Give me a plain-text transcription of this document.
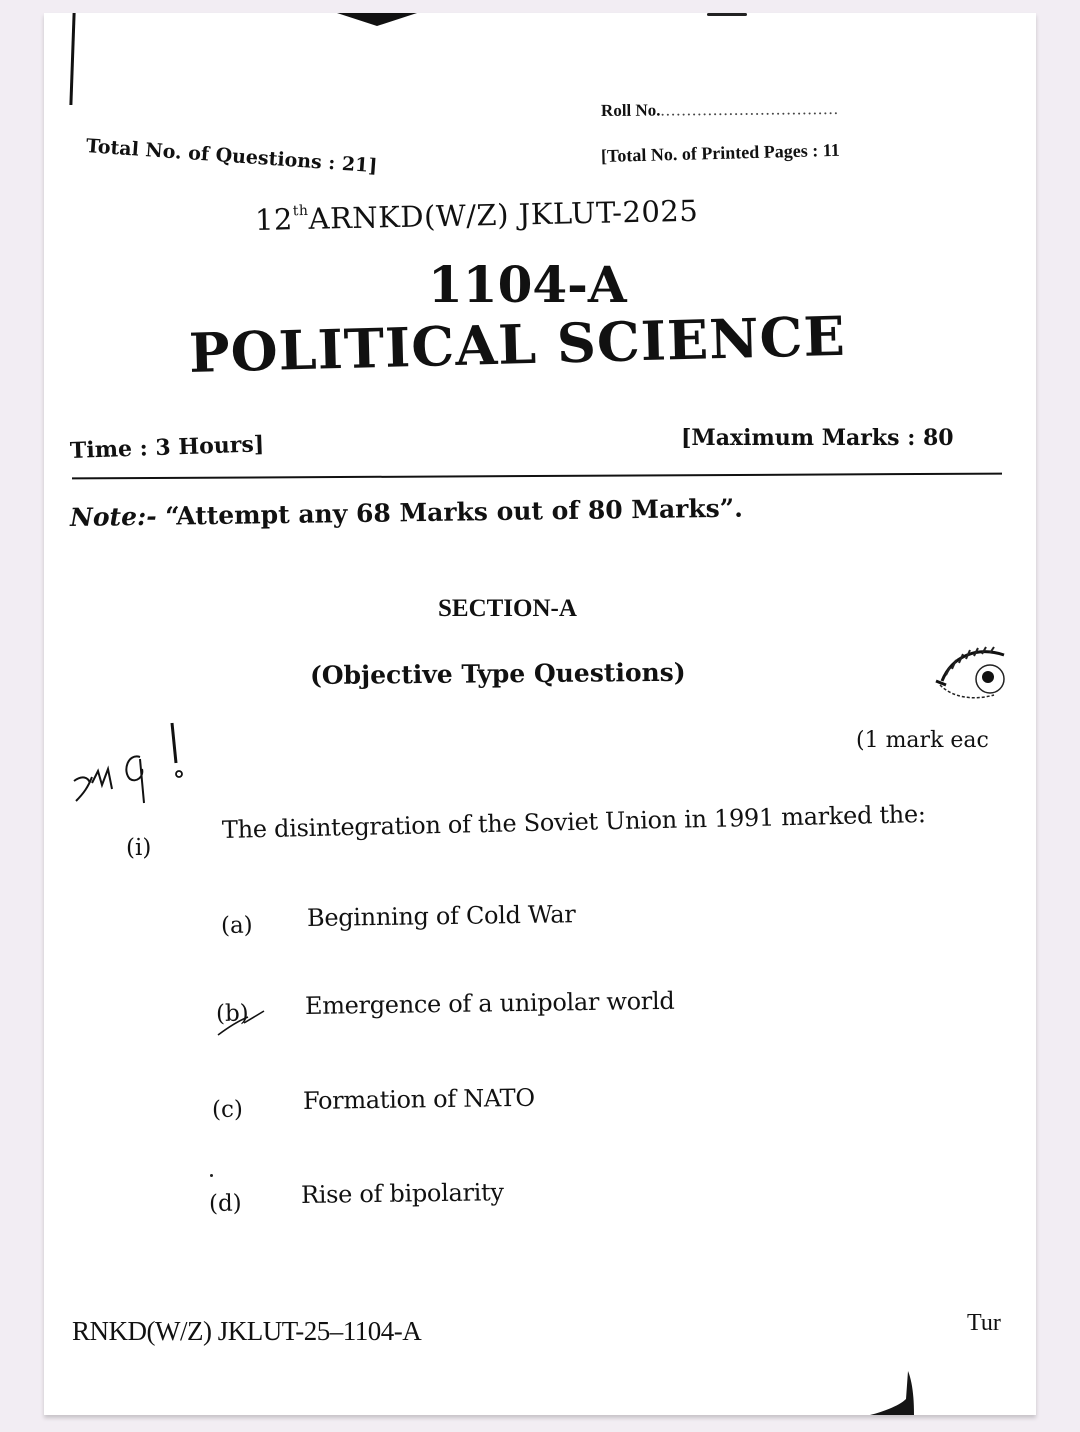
Roll No...................................
Total No. of Questions : 21]	[Total No. of Printed Pages : 11
12thARNKD(W/Z) JKLUT-2025
1104-A
POLITICAL SCIENCE
Time : 3 Hours]	[Maximum Marks : 80
Note:- “Attempt any 68 Marks out of 80 Marks”.
SECTION-A
(Objective Type Questions)
(1 mark eac
(i)
The disintegration of the Soviet Union in 1991 marked the:
(a) Beginning of Cold War
(b) Emergence of a unipolar world
(c) Formation of NATO
(d) Rise of bipolarity
RNKD(W/Z) JKLUT-25–1104-A	Tur
